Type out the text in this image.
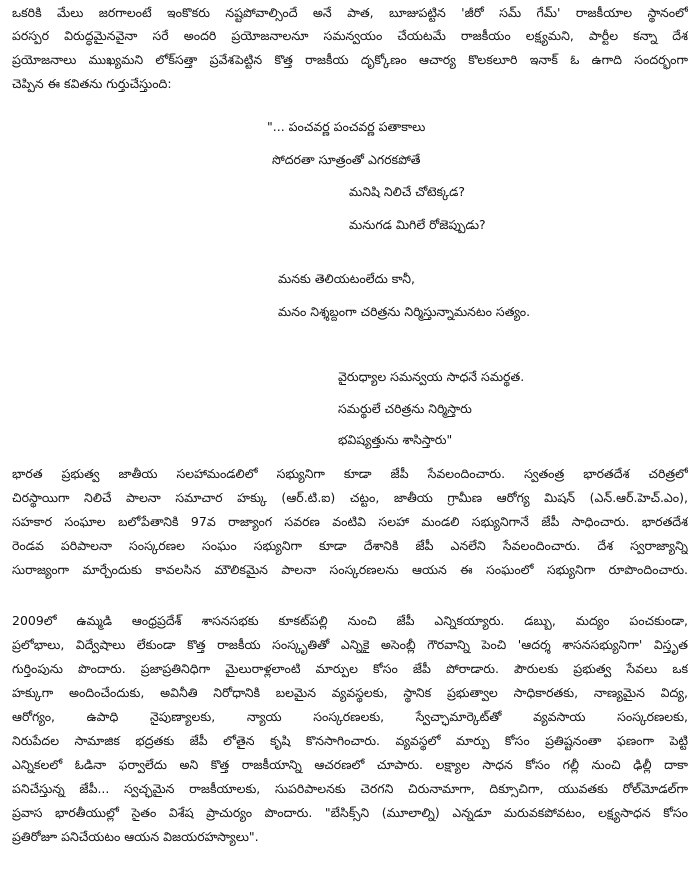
ఒకరికి మేలు జరగాలంటే ఇంకొకరు నష్టపోవాల్సిందే అనే పాత, బూజుపట్టిన 'జీరో సమ్ గేమ్' రాజకీయాల స్థానంలో
పరస్పర విరుద్ధమైనవైనా సరే అందరి ప్రయోజనాలనూ సమన్వయం చేయటమే రాజకీయం లక్ష్యమని, పార్టీల కన్నా దేశ
ప్రయోజనాలు ముఖ్యమని లోక్‌సత్తా ప్రవేశపెట్టిన కొత్త రాజకీయ దృక్కోణం ఆచార్య కొలకలూరి ఇనాక్ ఓ ఉగాది సందర్భంగా
చెప్పిన ఈ కవితను గుర్తుచేస్తుంది:
"... పంచవర్ణ పంచవర్ణ పతాకాలు
సోదరతా సూత్రంతో ఎగరకపోతే
మనిషి నిలిచే చోటెక్కడ?
మనుగడ మిగిలే రోజెప్పుడు?
మనకు తెలియటంలేదు కానీ,
మనం నిశ్శబ్దంగా చరిత్రను నిర్మిస్తున్నామనటం సత్యం.
వైరుధ్యాల సమన్వయ సాధనే సమర్థత.
సమర్థులే చరిత్రను నిర్మిస్తారు
భవిష్యత్తును శాసిస్తారు"
భారత ప్రభుత్వ జాతీయ సలహామండలిలో సభ్యునిగా కూడా జేపీ సేవలందించారు. స్వతంత్ర భారతదేశ చరిత్రలో
చిరస్థాయిగా నిలిచే పాలనా సమాచార హక్కు (ఆర్.టి.ఐ) చట్టం, జాతీయ గ్రామీణ ఆరోగ్య మిషన్ (ఎన్.ఆర్.హెచ్.ఎం),
సహకార సంఘాల బలోపేతానికి 97వ రాజ్యాంగ సవరణ వంటివి సలహా మండలి సభ్యునిగానే జేపీ సాధించారు. భారతదేశ
రెండవ పరిపాలనా సంస్కరణల సంఘం సభ్యునిగా కూడా దేశానికి జేపీ ఎనలేని సేవలందించారు. దేశ స్వరాజ్యాన్ని
సురాజ్యంగా మార్చేందుకు కావలసిన మౌలికమైన పాలనా సంస్కరణలను ఆయన ఈ సంఘంలో సభ్యునిగా రూపొందించారు.
2009లో ఉమ్మడి ఆంధ్రప్రదేశ్ శాసనసభకు కూకట్‌పల్లి నుంచి జేపీ ఎన్నికయ్యారు. డబ్బు, మద్యం పంచకుండా,
ప్రలోభాలు, విద్వేషాలు లేకుండా కొత్త రాజకీయ సంస్కృతితో ఎన్నికై అసెంబ్లీ గౌరవాన్ని పెంచి 'ఆదర్శ శాసనసభ్యునిగా' విస్తృత
గుర్తింపును పొందారు. ప్రజాప్రతినిధిగా మైలురాళ్లలాంటి మార్పుల కోసం జేపీ పోరాడారు. పౌరులకు ప్రభుత్వ సేవలు ఒక
హక్కుగా అందించేందుకు, అవినీతి నిరోధానికి బలమైన వ్యవస్థలకు, స్థానిక ప్రభుత్వాల సాధికారతకు, నాణ్యమైన విద్య,
ఆరోగ్యం, ఉపాధి నైపుణ్యాలకు, న్యాయ సంస్కరణలకు, స్వేచ్ఛామార్కెట్‌తో వ్యవసాయ సంస్కరణలకు,
నిరుపేదల సామాజిక భద్రతకు జేపీ లోతైన కృషి కొనసాగించారు. వ్యవస్థలో మార్పు కోసం ప్రతిష్టనంతా ఫణంగా పెట్టి
ఎన్నికలలో ఓడినా ఫర్వాలేదు అని కొత్త రాజకీయాన్ని ఆచరణలో చూపారు. లక్ష్యాల సాధన కోసం గల్లీ నుంచి ఢిల్లీ దాకా
పనిచేస్తున్న జేపీ... స్వచ్ఛమైన రాజకీయాలకు, సుపరిపాలనకు చెరగని చిరునామాగా, దిక్సూచిగా, యువతకు రోల్‌మోడల్‌గా
ప్రవాస భారతీయుల్లో సైతం విశేష ప్రాచుర్యం పొందారు. "బేసిక్స్‌ని (మూలాల్ని) ఎన్నడూ మరువకపోవటం, లక్ష్యసాధన కోసం
ప్రతిరోజూ పనిచేయటం ఆయన విజయరహస్యాలు".
